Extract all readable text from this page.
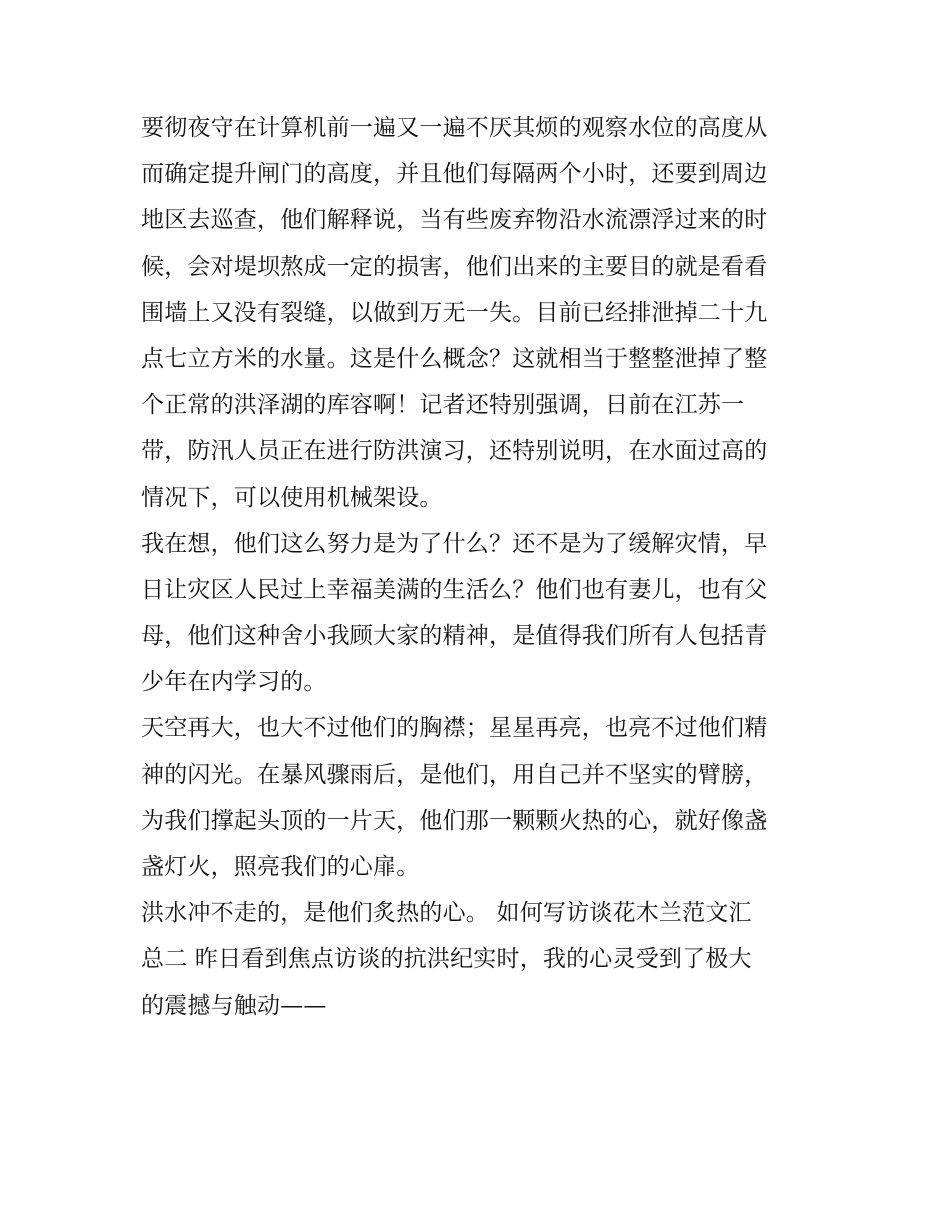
要彻夜守在计算机前一遍又一遍不厌其烦的观察水位的高度从
而确定提升闸门的高度，并且他们每隔两个小时，还要到周边
地区去巡查，他们解释说，当有些废弃物沿水流漂浮过来的时
候，会对堤坝熬成一定的损害，他们出来的主要目的就是看看
围墙上又没有裂缝，以做到万无一失。目前已经排泄掉二十九
点七立方米的水量。这是什么概念？这就相当于整整泄掉了整
个正常的洪泽湖的库容啊！记者还特别强调，日前在江苏一
带，防汛人员正在进行防洪演习，还特别说明，在水面过高的
情况下，可以使用机械架设。
我在想，他们这么努力是为了什么？还不是为了缓解灾情，早
日让灾区人民过上幸福美满的生活么？他们也有妻儿，也有父
母，他们这种舍小我顾大家的精神，是值得我们所有人包括青
少年在内学习的。
天空再大，也大不过他们的胸襟；星星再亮，也亮不过他们精
神的闪光。在暴风骤雨后，是他们，用自己并不坚实的臂膀，
为我们撑起头顶的一片天，他们那一颗颗火热的心，就好像盏
盏灯火，照亮我们的心扉。
洪水冲不走的，是他们炙热的心。 如何写访谈花木兰范文汇
总二 昨日看到焦点访谈的抗洪纪实时，我的心灵受到了极大
的震撼与触动——
